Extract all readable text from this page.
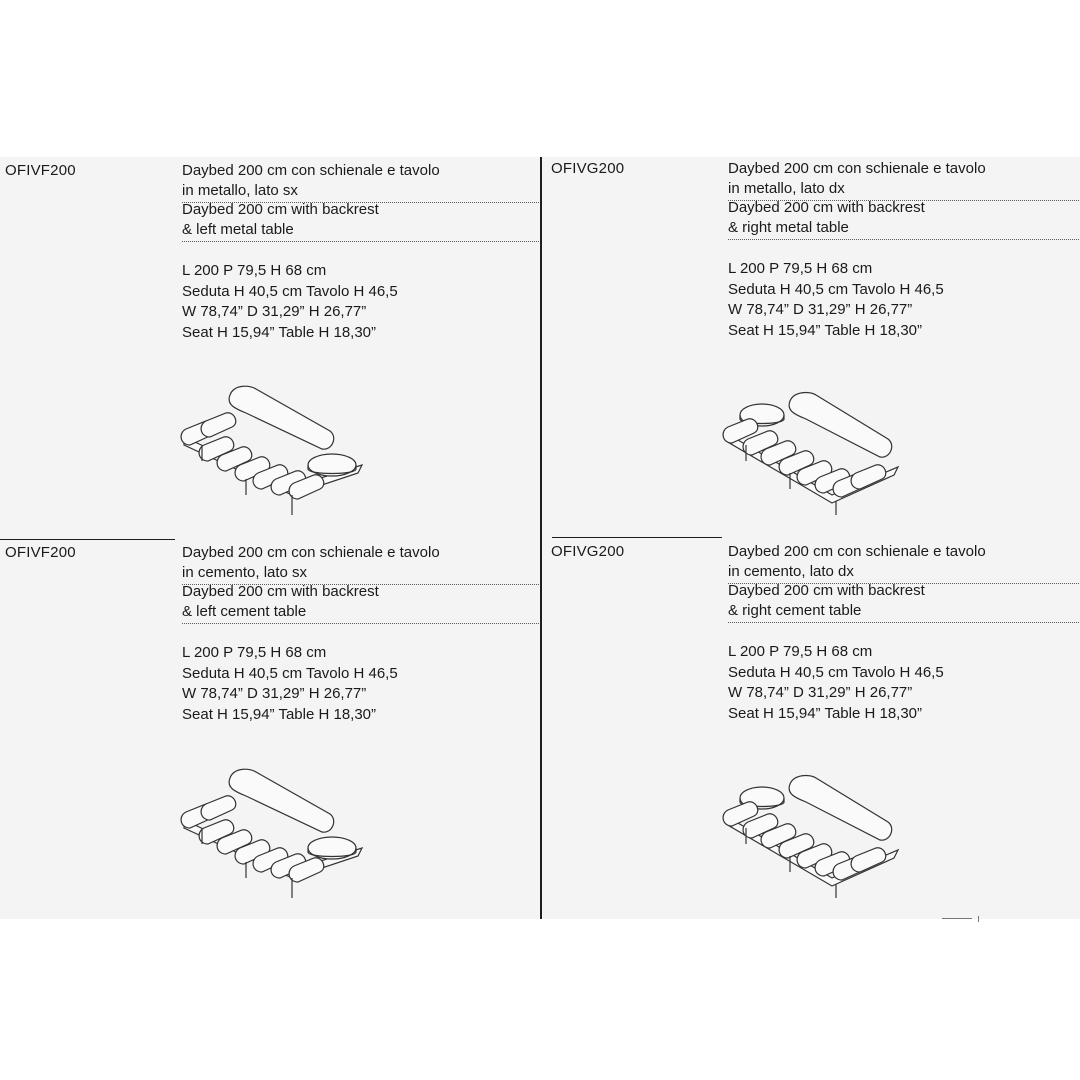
OFIVF200	Daybed 200 cm con schienale e tavolo
in metallo, lato sx
Daybed 200 cm with backrest
& left metal table
L 200 P 79,5 H 68 cm
Seduta H 40,5 cm Tavolo H 46,5
W 78,74” D 31,29” H 26,77”
Seat H 15,94” Table H 18,30”
OFIVG200	Daybed 200 cm con schienale e tavolo
in metallo, lato dx
Daybed 200 cm with backrest
& right metal table
L 200 P 79,5 H 68 cm
Seduta H 40,5 cm Tavolo H 46,5
W 78,74” D 31,29” H 26,77”
Seat H 15,94” Table H 18,30”
OFIVF200	Daybed 200 cm con schienale e tavolo
in cemento, lato sx
Daybed 200 cm with backrest
& left cement table
L 200 P 79,5 H 68 cm
Seduta H 40,5 cm Tavolo H 46,5
W 78,74” D 31,29” H 26,77”
Seat H 15,94” Table H 18,30”
OFIVG200	Daybed 200 cm con schienale e tavolo
in cemento, lato dx
Daybed 200 cm with backrest
& right cement table
L 200 P 79,5 H 68 cm
Seduta H 40,5 cm Tavolo H 46,5
W 78,74” D 31,29” H 26,77”
Seat H 15,94” Table H 18,30”
